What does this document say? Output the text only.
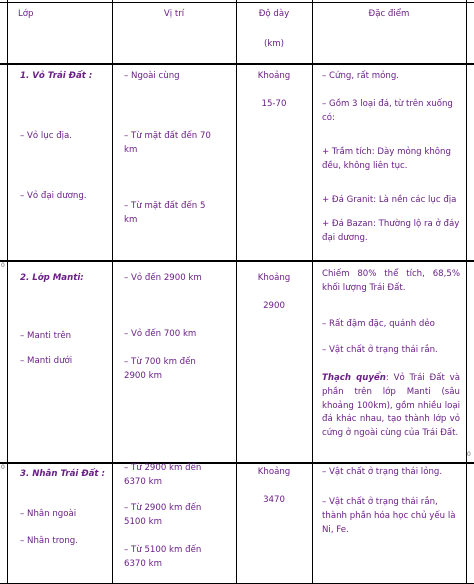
Lớp	Vị trí	Độ dày
(km)
Đặc điểm
1. Vỏ Trái Đất :
– Vỏ lục địa.
– Vỏ đại dương.
– Ngoài cùng
– Từ mặt đất đến 70 km
– Từ mặt đất đến 5 km
Khoảng
15-70
– Cứng, rất mỏng.
– Gồm 3 loại đá, từ trên xuống có:
+ Trầm tích: Dày mỏng không đều, không liên tục.
+ Đá Granit: Là nền các lục địa
+ Đá Bazan: Thường lộ ra ở đáy đại dương.
2. Lớp Manti:
– Manti trên
– Manti dưới
– Vỏ đến 2900 km
– Vỏ đến 700 km
– Từ 700 km đến 2900 km
Khoảng
2900
Chiếm 80% thể tích, 68,5% khối lượng Trái Đất.
– Rất đậm đặc, quánh dẻo
– Vật chất ở trạng thái rắn.
Thạch quyển: Vỏ Trái Đất và phần trên lớp Manti (sâu khoảng 100km), gồm nhiều loại đá khác nhau, tạo thành lớp vỏ cứng ở ngoài cùng của Trái Đất.
3. Nhân Trái Đất :
– Nhân ngoài
– Nhân trong.
– Từ 2900 km đến 6370 km
– Từ 2900 km đến 5100 km
– Từ 5100 km đến 6370 km
Khoảng
3470
– Vật chất ở trạng thái lỏng.
– Vật chất ở trạng thái rắn, thành phần hóa học chủ yếu là Ni, Fe.
0
0
0
